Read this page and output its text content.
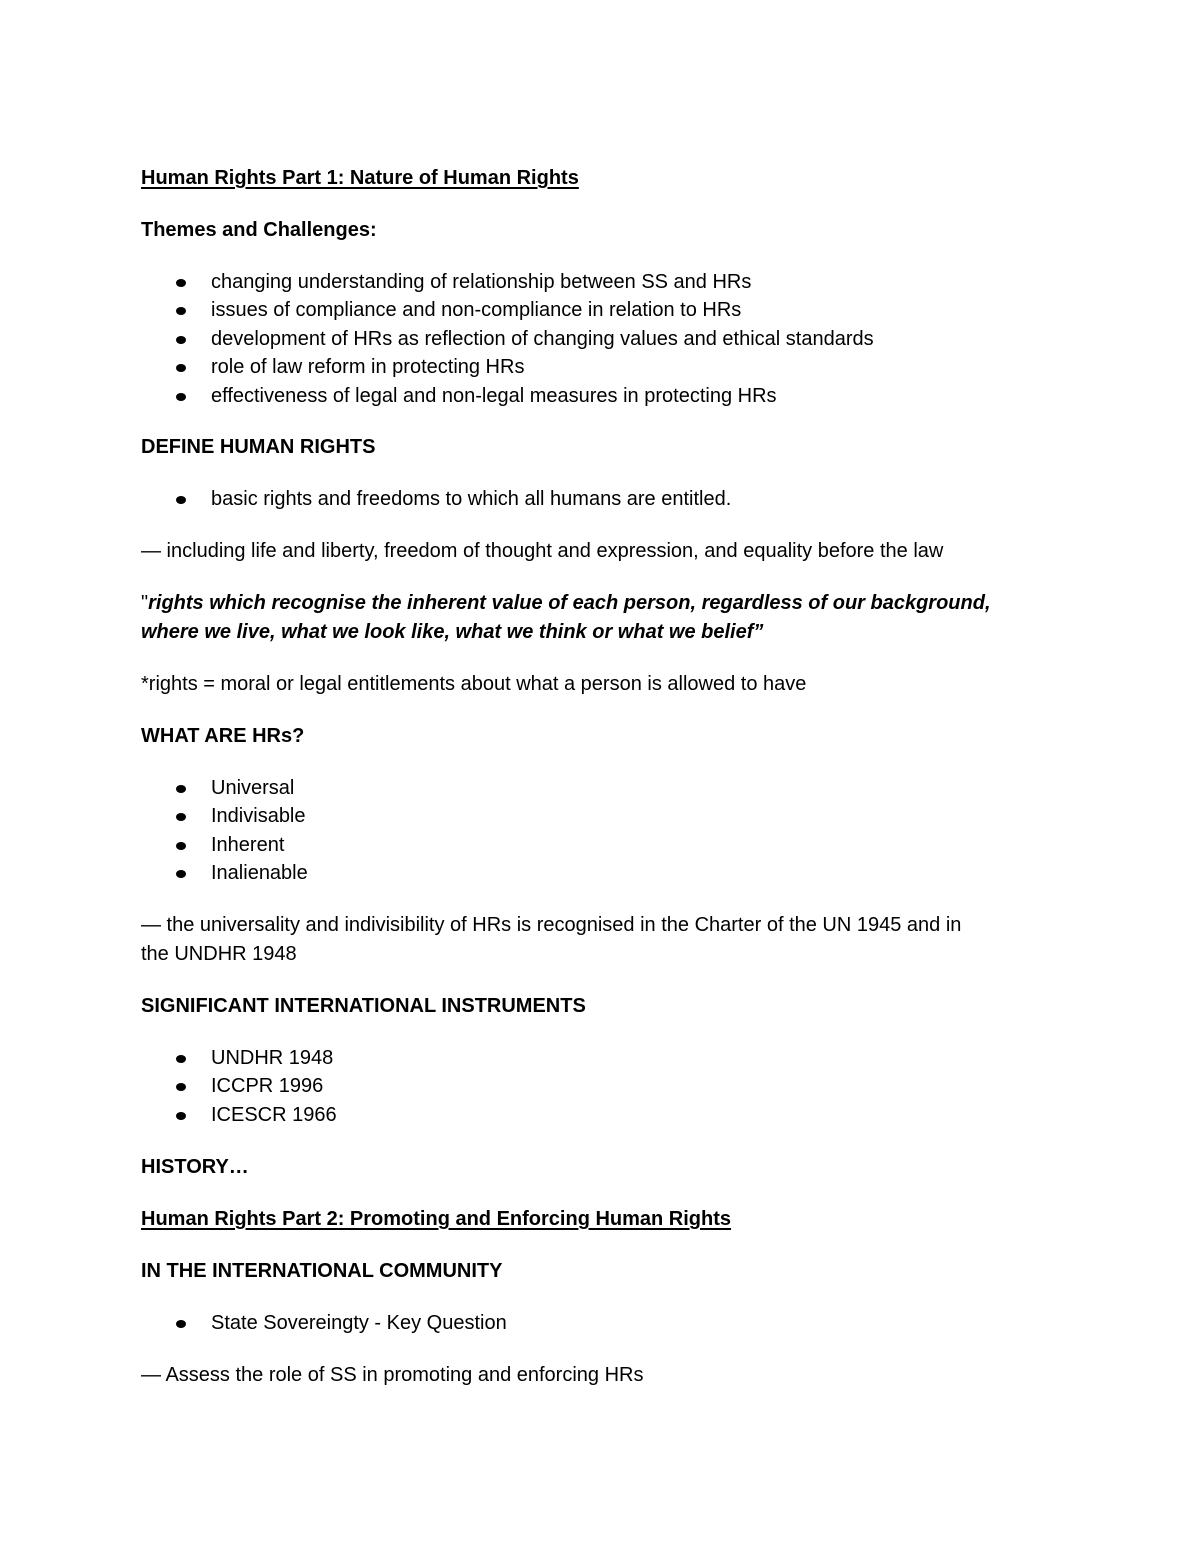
Human Rights Part 1: Nature of Human Rights
Themes and Challenges:
changing understanding of relationship between SS and HRs
issues of compliance and non-compliance in relation to HRs
development of HRs as reflection of changing values and ethical standards
role of law reform in protecting HRs
effectiveness of legal and non-legal measures in protecting HRs
DEFINE HUMAN RIGHTS
basic rights and freedoms to which all humans are entitled.
— including life and liberty, freedom of thought and expression, and equality before the law
"rights which recognise the inherent value of each person, regardless of our background,
where we live, what we look like, what we think or what we belief”
*rights = moral or legal entitlements about what a person is allowed to have
WHAT ARE HRs?
Universal
Indivisable
Inherent
Inalienable
— the universality and indivisibility of HRs is recognised in the Charter of the UN 1945 and in
the UNDHR 1948
SIGNIFICANT INTERNATIONAL INSTRUMENTS
UNDHR 1948
ICCPR 1996
ICESCR 1966
HISTORY…
Human Rights Part 2: Promoting and Enforcing Human Rights
IN THE INTERNATIONAL COMMUNITY
State Sovereingty - Key Question
— Assess the role of SS in promoting and enforcing HRs
